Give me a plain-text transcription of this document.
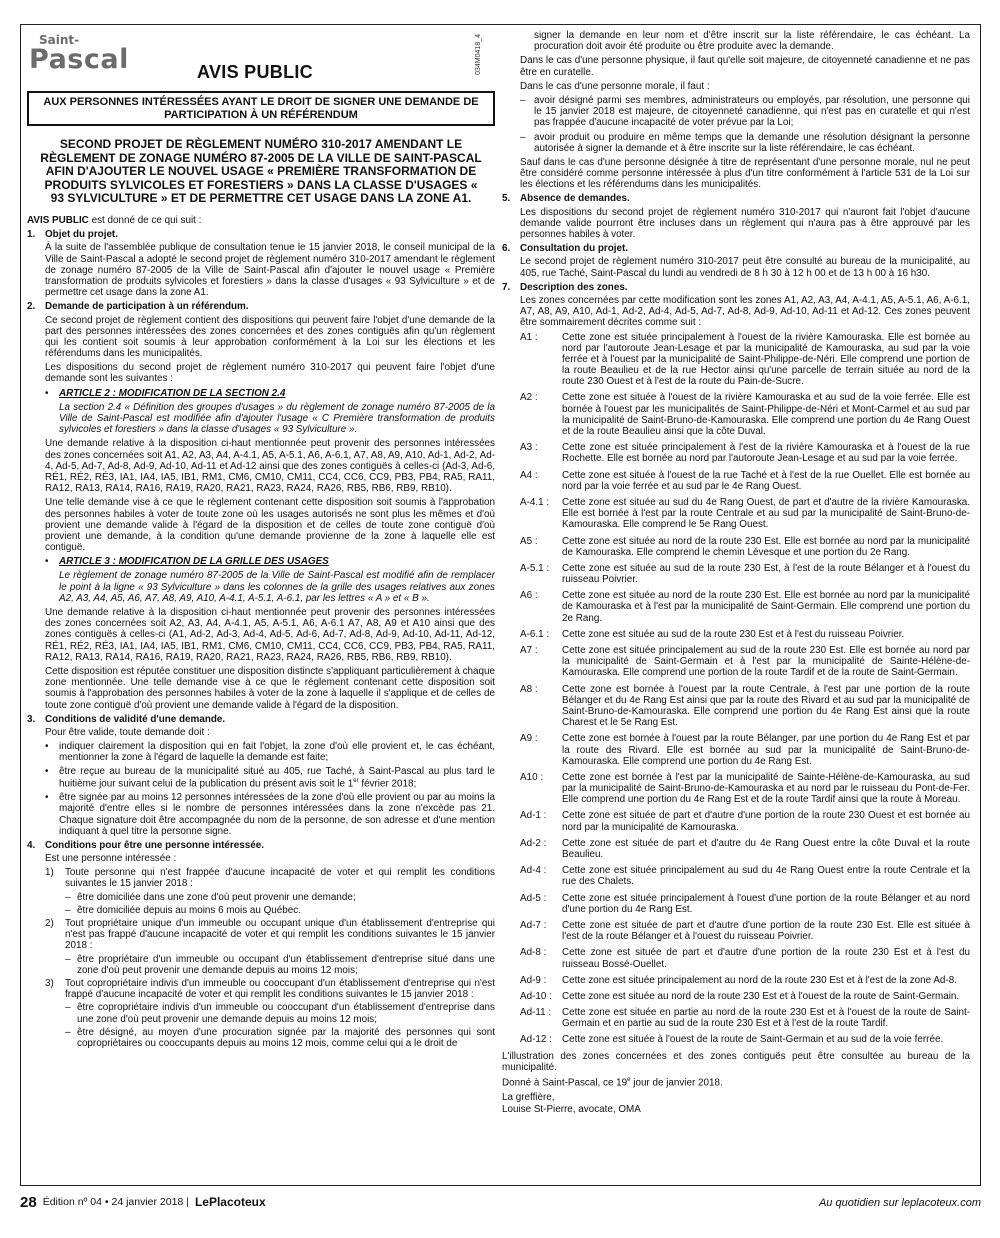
Saint-
Pascal	AVIS PUBLIC	034M0418_4
AUX PERSONNES INTÉRESSÉES AYANT LE DROIT DE SIGNER UNE DEMANDE DE PARTICIPATION À UN RÉFÉRENDUM
SECOND PROJET DE RÈGLEMENT NUMÉRO 310-2017 AMENDANT LE RÈGLEMENT DE ZONAGE NUMÉRO 87-2005 DE LA VILLE DE SAINT-PASCAL AFIN D'AJOUTER LE NOUVEL USAGE « PREMIÈRE TRANSFORMATION DE PRODUITS SYLVICOLES ET FORESTIERS » DANS LA CLASSE D'USAGES « 93 SYLVICULTURE » ET DE PERMETTRE CET USAGE DANS LA ZONE A1.

AVIS PUBLIC est donné de ce qui suit :

1. Objet du projet.

À la suite de l'assemblée publique de consultation tenue le 15 janvier 2018, le conseil municipal de la Ville de Saint-Pascal a adopté le second projet de règlement numéro 310-2017 amendant le règlement de zonage numéro 87-2005 de la Ville de Saint-Pascal afin d'ajouter le nouvel usage « Première transformation de produits sylvicoles et forestiers » dans la classe d'usages « 93 Sylviculture » et de permettre cet usage dans la zone A1.

2. Demande de participation à un référendum.

Ce second projet de règlement contient des dispositions qui peuvent faire l'objet d'une demande de la part des personnes intéressées des zones concernées et des zones contiguës afin qu'un règlement qui les contient soit soumis à leur approbation conformément à la Loi sur les élections et les référendums dans les municipalités.

Les dispositions du second projet de règlement numéro 310-2017 qui peuvent faire l'objet d'une demande sont les suivantes :

•	ARTICLE 2 : MODIFICATION DE LA SECTION 2.4

La section 2.4 « Définition des groupes d'usages » du règlement de zonage numéro 87-2005 de la Ville de Saint-Pascal est modifiée afin d'ajouter l'usage « C Première transformation de produits sylvicoles et forestiers » dans la classe d'usages « 93 Sylviculture ».

Une demande relative à la disposition ci-haut mentionnée peut provenir des personnes intéressées des zones concernées soit A1, A2, A3, A4, A-4.1, A5, A-5.1, A6, A-6.1, A7, A8, A9, A10, Ad-1, Ad-2, Ad-4, Ad-5, Ad-7, Ad-8, Ad-9, Ad-10, Ad-11 et Ad-12 ainsi que des zones contiguës à celles-ci (Ad-3, Ad-6, RÉ1, RÉ2, RÉ3, IA1, IA4, IA5, IB1, RM1, CM6, CM10, CM11, CC4, CC6, CC9, PB3, PB4, RA5, RA11, RA12, RA13, RA14, RA16, RA19, RA20, RA21, RA23, RA24, RA26, RB5, RB6, RB9, RB10).

Une telle demande vise à ce que le règlement contenant cette disposition soit soumis à l'approbation des personnes habiles à voter de toute zone où les usages autorisés ne sont plus les mêmes et d'où provient une demande valide à l'égard de la disposition et de celles de toute zone contiguë d'où provient une demande, à la condition qu'une demande provienne de la zone à laquelle elle est contiguë.

•	ARTICLE 3 : MODIFICATION DE LA GRILLE DES USAGES

Le règlement de zonage numéro 87-2005 de la Ville de Saint-Pascal est modifié afin de remplacer le point à la ligne « 93 Sylviculture » dans les colonnes de la grille des usages relatives aux zones A2, A3, A4, A5, A6, A7, A8, A9, A10, A-4.1, A-5.1, A-6.1, par les lettres « A » et « B ».

Une demande relative à la disposition ci-haut mentionnée peut provenir des personnes intéressées des zones concernées soit A2, A3, A4, A-4.1, A5, A-5.1, A6, A-6.1 A7, A8, A9 et A10 ainsi que des zones contiguës à celles-ci (A1, Ad-2, Ad-3, Ad-4, Ad-5, Ad-6, Ad-7, Ad-8, Ad-9, Ad-10, Ad-11, Ad-12, RÉ1, RÉ2, RÉ3, IA1, IA4, IA5, IB1, RM1, CM6, CM10, CM11, CC4, CC6, CC9, PB3, PB4, RA5, RA11, RA12, RA13, RA14, RA16, RA19, RA20, RA21, RA23, RA24, RA26, RB5, RB6, RB9, RB10).

Cette disposition est réputée constituer une disposition distincte s'appliquant particulièrement à chaque zone mentionnée. Une telle demande vise à ce que le règlement contenant cette disposition soit soumis à l'approbation des personnes habiles à voter de la zone à laquelle il s'applique et de celles de toute zone contiguë d'où provient une demande valide à l'égard de la disposition.

3. Conditions de validité d'une demande.

Pour être valide, toute demande doit :

•	indiquer clairement la disposition qui en fait l'objet, la zone d'où elle provient et, le cas échéant, mentionner la zone à l'égard de laquelle la demande est faite;
•	être reçue au bureau de la municipalité situé au 405, rue Taché, à Saint-Pascal au plus tard le huitième jour suivant celui de la publication du présent avis soit le 1er février 2018;
•	être signée par au moins 12 personnes intéressées de la zone d'où elle provient ou par au moins la majorité d'entre elles si le nombre de personnes intéressées dans la zone n'excède pas 21. Chaque signature doit être accompagnée du nom de la personne, de son adresse et d'une mention indiquant à quel titre la personne signe.
4. Conditions pour être une personne intéressée.

Est une personne intéressée :

1)	Toute personne qui n'est frappée d'aucune incapacité de voter et qui remplit les conditions suivantes le 15 janvier 2018 :
– être domiciliée dans une zone d'où peut provenir une demande;
– être domiciliée depuis au moins 6 mois au Québec.
2)	Tout propriétaire unique d'un immeuble ou occupant unique d'un établissement d'entreprise qui n'est pas frappé d'aucune incapacité de voter et qui remplit les conditions suivantes le 15 janvier 2018 :
– être propriétaire d'un immeuble ou occupant d'un établissement d'entreprise situé dans une zone d'où peut provenir une demande depuis au moins 12 mois;
3)	Tout copropriétaire indivis d'un immeuble ou cooccupant d'un établissement d'entreprise qui n'est frappé d'aucune incapacité de voter et qui remplit les conditions suivantes le 15 janvier 2018 :
– être copropriétaire indivis d'un immeuble ou cooccupant d'un établissement d'entreprise dans une zone d'où peut provenir une demande depuis au moins 12 mois;
– être désigné, au moyen d'une procuration signée par la majorité des personnes qui sont copropriétaires ou cooccupants depuis au moins 12 mois, comme celui qui a le droit de

signer la demande en leur nom et d'être inscrit sur la liste référendaire, le cas échéant. La procuration doit avoir été produite ou être produite avec la demande.

Dans le cas d'une personne physique, il faut qu'elle soit majeure, de citoyenneté canadienne et ne pas être en curatelle.

Dans le cas d'une personne morale, il faut :

– avoir désigné parmi ses membres, administrateurs ou employés, par résolution, une personne qui le 15 janvier 2018 est majeure, de citoyenneté canadienne, qui n'est pas en curatelle et qui n'est pas frappée d'aucune incapacité de voter prévue par la Loi;
– avoir produit ou produire en même temps que la demande une résolution désignant la personne autorisée à signer la demande et à être inscrite sur la liste référendaire, le cas échéant.

Sauf dans le cas d'une personne désignée à titre de représentant d'une personne morale, nul ne peut être considéré comme personne intéressée à plus d'un titre conformément à l'article 531 de la Loi sur les élections et les référendums dans les municipalités.

5. Absence de demandes.

Les dispositions du second projet de règlement numéro 310-2017 qui n'auront fait l'objet d'aucune demande valide pourront être incluses dans un règlement qui n'aura pas à être approuvé par les personnes habiles à voter.

6. Consultation du projet.

Le second projet de règlement numéro 310-2017 peut être consulté au bureau de la municipalité, au 405, rue Taché, Saint-Pascal du lundi au vendredi de 8 h 30 à 12 h 00 et de 13 h 00 à 16 h30.

7. Description des zones.

Les zones concernées par cette modification sont les zones A1, A2, A3, A4, A-4.1, A5, A-5.1, A6, A-6.1, A7, A8, A9, A10, Ad-1, Ad-2, Ad-4, Ad-5, Ad-7, Ad-8, Ad-9, Ad-10, Ad-11 et Ad-12. Ces zones peuvent être sommairement décrites comme suit :

A1 :	Cette zone est située principalement à l'ouest de la rivière Kamouraska. Elle est bornée au nord par l'autoroute Jean-Lesage et par la municipalité de Kamouraska, au sud par la voie ferrée et à l'ouest par la municipalité de Saint-Philippe-de-Néri. Elle comprend une portion de la route Beaulieu et de la rue Hector ainsi qu'une parcelle de terrain située au nord de la route 230 Ouest et à l'est de la route du Pain-de-Sucre.
A2 :	Cette zone est située à l'ouest de la rivière Kamouraska et au sud de la voie ferrée. Elle est bornée à l'ouest par les municipalités de Saint-Philippe-de-Néri et Mont-Carmel et au sud par la municipalité de Saint-Bruno-de-Kamouraska. Elle comprend une portion du 4e Rang Ouest et de la route Beaulieu ainsi que la côte Duval.
A3 :	Cette zone est située principalement à l'est de la rivière Kamouraska et à l'ouest de la rue Rochette. Elle est bornée au nord par l'autoroute Jean-Lesage et au sud par la voie ferrée.
A4 :	Cette zone est située à l'ouest de la rue Taché et à l'est de la rue Ouellet. Elle est bornée au nord par la voie ferrée et au sud par le 4e Rang Ouest.
A-4.1 :	Cette zone est située au sud du 4e Rang Ouest, de part et d'autre de la rivière Kamouraska. Elle est bornée à l'est par la route Centrale et au sud par la municipalité de Saint-Bruno-de-Kamouraska. Elle comprend le 5e Rang Ouest.
A5 :	Cette zone est située au nord de la route 230 Est. Elle est bornée au nord par la municipalité de Kamouraska. Elle comprend le chemin Lévesque et une portion du 2e Rang.
A-5.1 :	Cette zone est située au sud de la route 230 Est, à l'est de la route Bélanger et à l'ouest du ruisseau Poivrier.
A6 :	Cette zone est située au nord de la route 230 Est. Elle est bornée au nord par la municipalité de Kamouraska et à l'est par la municipalité de Saint-Germain. Elle comprend une portion du 2e Rang.
A-6.1 :	Cette zone est située au sud de la route 230 Est et à l'est du ruisseau Poivrier.
A7 :	Cette zone est située principalement au sud de la route 230 Est. Elle est bornée au nord par la municipalité de Saint-Germain et à l'est par la municipalité de Sainte-Hélène-de-Kamouraska. Elle comprend une portion de la route Tardif et de la route de Saint-Germain.
A8 :	Cette zone est bornée à l'ouest par la route Centrale, à l'est par une portion de la route Bélanger et du 4e Rang Est ainsi que par la route des Rivard et au sud par la municipalité de Saint-Bruno-de-Kamouraska. Elle comprend une portion du 4e Rang Est ainsi que la route Charest et le 5e Rang Est.
A9 :	Cette zone est bornée à l'ouest par la route Bélanger, par une portion du 4e Rang Est et par la route des Rivard. Elle est bornée au sud par la municipalité de Saint-Bruno-de-Kamouraska. Elle comprend une portion du 4e Rang Est.
A10 :	Cette zone est bornée à l'est par la municipalité de Sainte-Hélène-de-Kamouraska, au sud par la municipalité de Saint-Bruno-de-Kamouraska et au nord par le ruisseau du Pont-de-Fer. Elle comprend une portion du 4e Rang Est et de la route Tardif ainsi que la route à Moreau.
Ad-1 :	Cette zone est située de part et d'autre d'une portion de la route 230 Ouest et est bornée au nord par la municipalité de Kamouraska.
Ad-2 :	Cette zone est située de part et d'autre du 4e Rang Ouest entre la côte Duval et la route Beaulieu.
Ad-4 :	Cette zone est située principalement au sud du 4e Rang Ouest entre la route Centrale et la rue des Chalets.
Ad-5 :	Cette zone est située principalement à l'ouest d'une portion de la route Bélanger et au nord d'une portion du 4e Rang Est.
Ad-7 :	Cette zone est située de part et d'autre d'une portion de la route 230 Est. Elle est située à l'est de la route Bélanger et à l'ouest du ruisseau Poivrier.
Ad-8 :	Cette zone est située de part et d'autre d'une portion de la route 230 Est et à l'est du ruisseau Bossé-Ouellet.
Ad-9 :	Cette zone est située principalement au nord de la route 230 Est et à l'est de la zone Ad-8.
Ad-10 :	Cette zone est située au nord de la route 230 Est et à l'ouest de la route de Saint-Germain.
Ad-11 :	Cette zone est située en partie au nord de la route 230 Est et à l'ouest de la route de Saint-Germain et en partie au sud de la route 230 Est et à l'est de la route Tardif.
Ad-12 :	Cette zone est située à l'ouest de la route de Saint-Germain et au sud de la voie ferrée.

L'illustration des zones concernées et des zones contiguës peut être consultée au bureau de la municipalité.

Donné à Saint-Pascal, ce 19e jour de janvier 2018.

La greffière,

Louise St-Pierre, avocate, OMA

28 Édition nº 04 • 24 janvier 2018 | LePlacoteux	Au quotidien sur leplacoteux.com
